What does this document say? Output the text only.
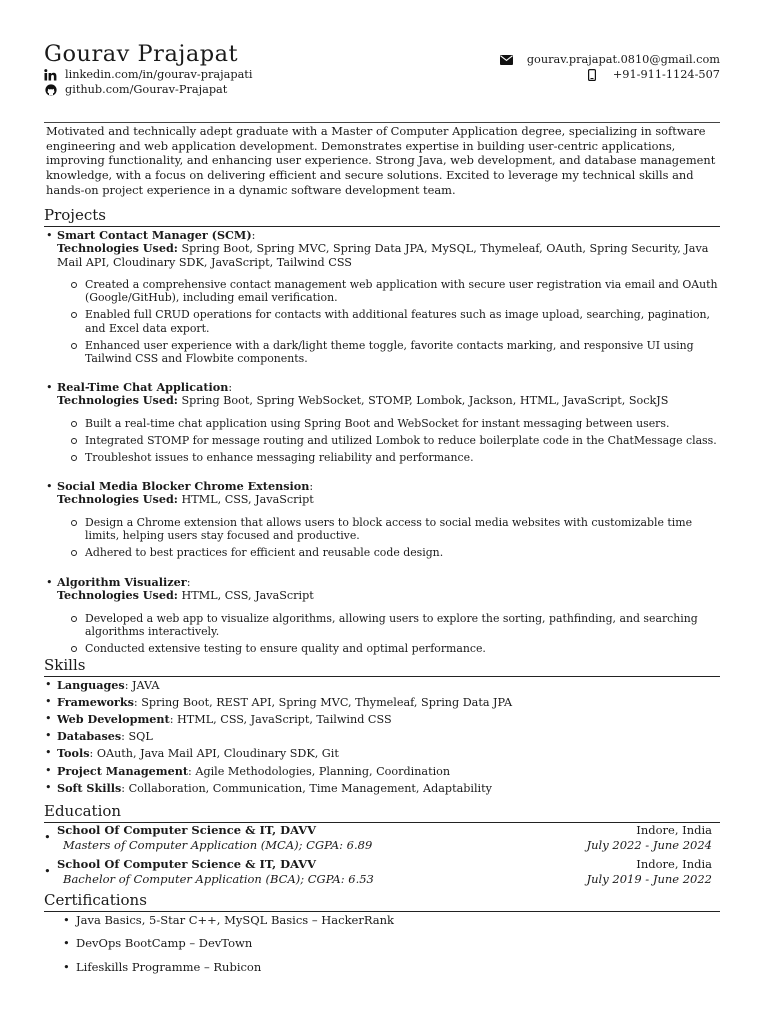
Gourav Prajapat
linkedin.com/in/gourav-prajapati
github.com/Gourav-Prajapat
gourav.prajapat.0810@gmail.com
+91-911-1124-507
Motivated and technically adept graduate with a Master of Computer Application degree, specializing in software engineering and web application development. Demonstrates expertise in building user-centric applications, improving functionality, and enhancing user experience. Strong Java, web development, and database management knowledge, with a focus on delivering efficient and secure solutions. Excited to leverage my technical skills and hands-on project experience in a dynamic software development team.
Projects
• Smart Contact Manager (SCM):
Technologies Used: Spring Boot, Spring MVC, Spring Data JPA, MySQL, Thymeleaf, OAuth, Spring Security, Java Mail API, Cloudinary SDK, JavaScript, Tailwind CSS
Created a comprehensive contact management web application with secure user registration via email and OAuth (Google/GitHub), including email verification.
Enabled full CRUD operations for contacts with additional features such as image upload, searching, pagination, and Excel data export.
Enhanced user experience with a dark/light theme toggle, favorite contacts marking, and responsive UI using Tailwind CSS and Flowbite components.
• Real-Time Chat Application:
Technologies Used: Spring Boot, Spring WebSocket, STOMP, Lombok, Jackson, HTML, JavaScript, SockJS
Built a real-time chat application using Spring Boot and WebSocket for instant messaging between users.
Integrated STOMP for message routing and utilized Lombok to reduce boilerplate code in the ChatMessage class.
Troubleshot issues to enhance messaging reliability and performance.
• Social Media Blocker Chrome Extension:
Technologies Used: HTML, CSS, JavaScript
Design a Chrome extension that allows users to block access to social media websites with customizable time limits, helping users stay focused and productive.
Adhered to best practices for efficient and reusable code design.
• Algorithm Visualizer:
Technologies Used: HTML, CSS, JavaScript
Developed a web app to visualize algorithms, allowing users to explore the sorting, pathfinding, and searching algorithms interactively.
Conducted extensive testing to ensure quality and optimal performance.
Skills
• Languages: JAVA
• Frameworks: Spring Boot, REST API, Spring MVC, Thymeleaf, Spring Data JPA
• Web Development: HTML, CSS, JavaScript, Tailwind CSS
• Databases: SQL
• Tools: OAuth, Java Mail API, Cloudinary SDK, Git
• Project Management: Agile Methodologies, Planning, Coordination
• Soft Skills: Collaboration, Communication, Time Management, Adaptability
Education
• School Of Computer Science & IT, DAVV
Masters of Computer Application (MCA); CGPA: 6.89
Indore, India
July 2022 - June 2024
• School Of Computer Science & IT, DAVV
Bachelor of Computer Application (BCA); CGPA: 6.53
Indore, India
July 2019 - June 2022
Certifications
• Java Basics, 5-Star C++, MySQL Basics – HackerRank
• DevOps BootCamp – DevTown
• Lifeskills Programme – Rubicon
